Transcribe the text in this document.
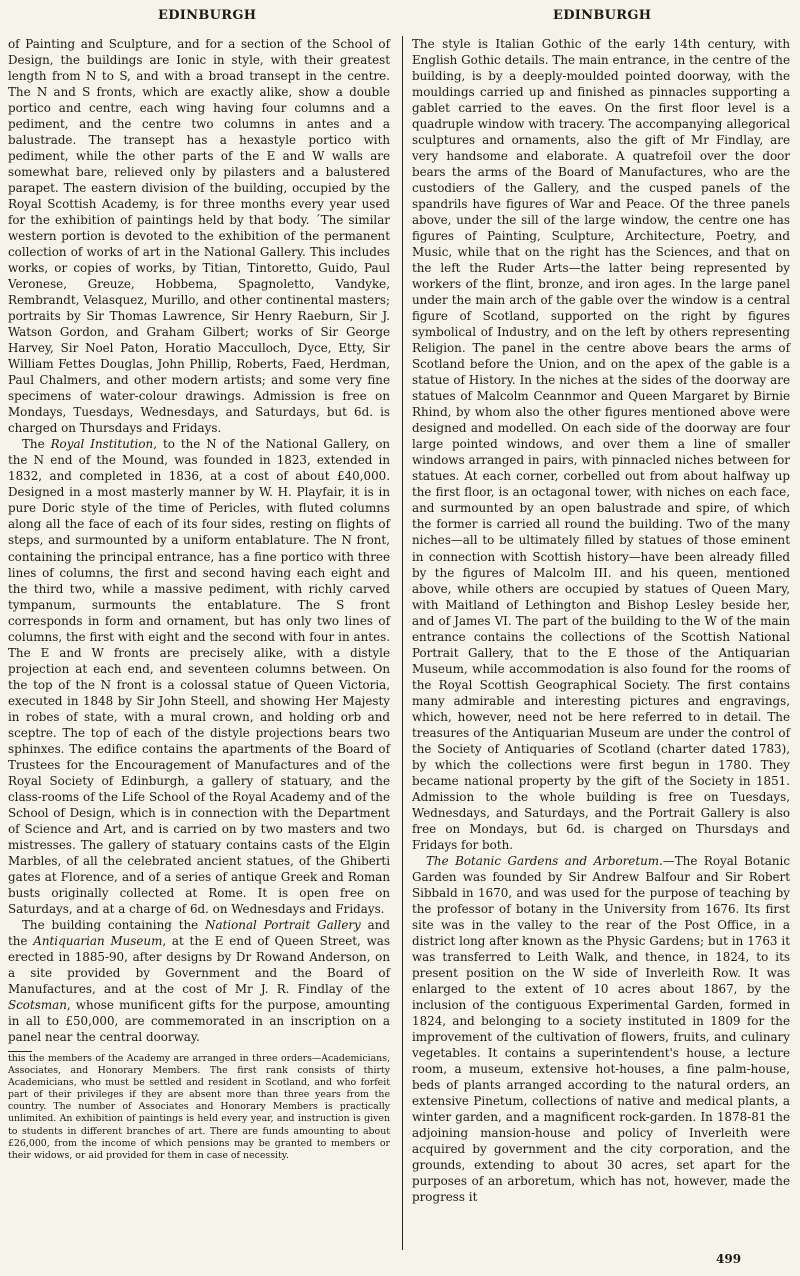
EDINBURGH	EDINBURGH

of Painting and Sculpture, and for a section of the School of Design, the buildings are Ionic in style, with their greatest length from N to S, and with a broad transept in the centre. The N and S fronts, which are exactly alike, show a double portico and centre, each wing having four columns and a pediment, and the centre two columns in antes and a balustrade. The transept has a hexastyle portico with pediment, while the other parts of the E and W walls are somewhat bare, relieved only by pilasters and a balustered parapet. The eastern division of the building, occupied by the Royal Scottish Academy, is for three months every year used for the exhibition of paintings held by that body. ´The similar western portion is devoted to the exhibition of the permanent collection of works of art in the National Gallery. This includes works, or copies of works, by Titian, Tintoretto, Guido, Paul Veronese, Greuze, Hobbema, Spagnoletto, Vandyke, Rembrandt, Velasquez, Murillo, and other continental masters; portraits by Sir Thomas Lawrence, Sir Henry Raeburn, Sir J. Watson Gordon, and Graham Gilbert; works of Sir George Harvey, Sir Noel Paton, Horatio Macculloch, Dyce, Etty, Sir William Fettes Douglas, John Phillip, Roberts, Faed, Herdman, Paul Chalmers, and other modern artists; and some very fine specimens of water-colour drawings. Admission is free on Mondays, Tuesdays, Wednesdays, and Saturdays, but 6d. is charged on Thursdays and Fridays.

The Royal Institution, to the N of the National Gallery, on the N end of the Mound, was founded in 1823, extended in 1832, and completed in 1836, at a cost of about £40,000. Designed in a most masterly manner by W. H. Playfair, it is in pure Doric style of the time of Pericles, with fluted columns along all the face of each of its four sides, resting on flights of steps, and surmounted by a uniform entablature. The N front, containing the principal entrance, has a fine portico with three lines of columns, the first and second having each eight and the third two, while a massive pediment, with richly carved tympanum, surmounts the entablature. The S front corresponds in form and ornament, but has only two lines of columns, the first with eight and the second with four in antes. The E and W fronts are precisely alike, with a distyle projection at each end, and seventeen columns between. On the top of the N front is a colossal statue of Queen Victoria, executed in 1848 by Sir John Steell, and showing Her Majesty in robes of state, with a mural crown, and holding orb and sceptre. The top of each of the distyle projections bears two sphinxes. The edifice contains the apartments of the Board of Trustees for the Encouragement of Manufactures and of the Royal Society of Edinburgh, a gallery of statuary, and the class-rooms of the Life School of the Royal Academy and of the School of Design, which is in connection with the Department of Science and Art, and is carried on by two masters and two mistresses. The gallery of statuary contains casts of the Elgin Marbles, of all the celebrated ancient statues, of the Ghiberti gates at Florence, and of a series of antique Greek and Roman busts originally collected at Rome. It is open free on Saturdays, and at a charge of 6d. on Wednesdays and Fridays.

The building containing the National Portrait Gallery and the Antiquarian Museum, at the E end of Queen Street, was erected in 1885-90, after designs by Dr Rowand Anderson, on a site provided by Government and the Board of Manufactures, and at the cost of Mr J. R. Findlay of the Scotsman, whose munificent gifts for the purpose, amounting in all to £50,000, are commemorated in an inscription on a panel near the central doorway.

this the members of the Academy are arranged in three orders—Academicians, Associates, and Honorary Members. The first rank consists of thirty Academicians, who must be settled and resident in Scotland, and who forfeit part of their privileges if they are absent more than three years from the country. The number of Associates and Honorary Members is practically unlimited. An exhibition of paintings is held every year, and instruction is given to students in different branches of art. There are funds amounting to about £26,000, from the income of which pensions may be granted to members or their widows, or aid provided for them in case of necessity.

The style is Italian Gothic of the early 14th century, with English Gothic details. The main entrance, in the centre of the building, is by a deeply-moulded pointed doorway, with the mouldings carried up and finished as pinnacles supporting a gablet carried to the eaves. On the first floor level is a quadruple window with tracery. The accompanying allegorical sculptures and ornaments, also the gift of Mr Findlay, are very handsome and elaborate. A quatrefoil over the door bears the arms of the Board of Manufactures, who are the custodiers of the Gallery, and the cusped panels of the spandrils have figures of War and Peace. Of the three panels above, under the sill of the large window, the centre one has figures of Painting, Sculpture, Architecture, Poetry, and Music, while that on the right has the Sciences, and that on the left the Ruder Arts—the latter being represented by workers of the flint, bronze, and iron ages. In the large panel under the main arch of the gable over the window is a central figure of Scotland, supported on the right by figures symbolical of Industry, and on the left by others representing Religion. The panel in the centre above bears the arms of Scotland before the Union, and on the apex of the gable is a statue of History. In the niches at the sides of the doorway are statues of Malcolm Ceannmor and Queen Margaret by Birnie Rhind, by whom also the other figures mentioned above were designed and modelled. On each side of the doorway are four large pointed windows, and over them a line of smaller windows arranged in pairs, with pinnacled niches between for statues. At each corner, corbelled out from about halfway up the first floor, is an octagonal tower, with niches on each face, and surmounted by an open balustrade and spire, of which the former is carried all round the building. Two of the many niches—all to be ultimately filled by statues of those eminent in connection with Scottish history—have been already filled by the figures of Malcolm III. and his queen, mentioned above, while others are occupied by statues of Queen Mary, with Maitland of Lethington and Bishop Lesley beside her, and of James VI. The part of the building to the W of the main entrance contains the collections of the Scottish National Portrait Gallery, that to the E those of the Antiquarian Museum, while accommodation is also found for the rooms of the Royal Scottish Geographical Society. The first contains many admirable and interesting pictures and engravings, which, however, need not be here referred to in detail. The treasures of the Antiquarian Museum are under the control of the Society of Antiquaries of Scotland (charter dated 1783), by which the collections were first begun in 1780. They became national property by the gift of the Society in 1851. Admission to the whole building is free on Tuesdays, Wednesdays, and Saturdays, and the Portrait Gallery is also free on Mondays, but 6d. is charged on Thursdays and Fridays for both.

The Botanic Gardens and Arboretum.—The Royal Botanic Garden was founded by Sir Andrew Balfour and Sir Robert Sibbald in 1670, and was used for the purpose of teaching by the professor of botany in the University from 1676. Its first site was in the valley to the rear of the Post Office, in a district long after known as the Physic Gardens; but in 1763 it was transferred to Leith Walk, and thence, in 1824, to its present position on the W side of Inverleith Row. It was enlarged to the extent of 10 acres about 1867, by the inclusion of the contiguous Experimental Garden, formed in 1824, and belonging to a society instituted in 1809 for the improvement of the cultivation of flowers, fruits, and culinary vegetables. It contains a superintendent's house, a lecture room, a museum, extensive hot-houses, a fine palm-house, beds of plants arranged according to the natural orders, an extensive Pinetum, collections of native and medical plants, a winter garden, and a magnificent rock-garden. In 1878-81 the adjoining mansion-house and policy of Inverleith were acquired by government and the city corporation, and the grounds, extending to about 30 acres, set apart for the purposes of an arboretum, which has not, however, made the progress it

499
